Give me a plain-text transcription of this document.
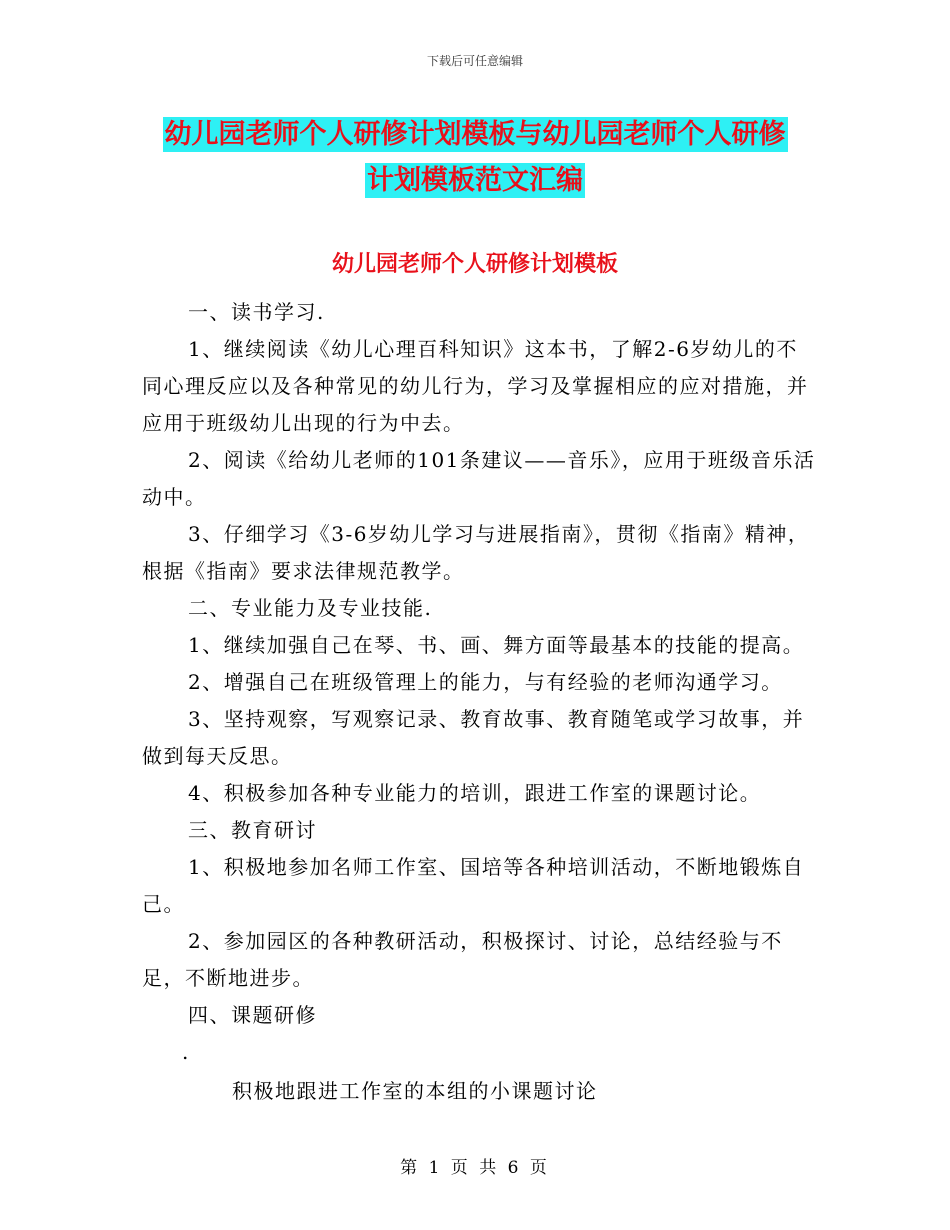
下载后可任意编辑
幼儿园老师个人研修计划模板与幼儿园老师个人研修
计划模板范文汇编
幼儿园老师个人研修计划模板

一、读书学习.

1、继续阅读《幼儿心理百科知识》这本书，了解2-6岁幼儿的不同心理反应以及各种常见的幼儿行为，学习及掌握相应的应对措施，并应用于班级幼儿出现的行为中去。

2、阅读《给幼儿老师的101条建议——音乐》，应用于班级音乐活动中。

3、仔细学习《3-6岁幼儿学习与进展指南》，贯彻《指南》精神，根据《指南》要求法律规范教学。

二、专业能力及专业技能.

1、继续加强自己在琴、书、画、舞方面等最基本的技能的提高。

2、增强自己在班级管理上的能力，与有经验的老师沟通学习。

3、坚持观察，写观察记录、教育故事、教育随笔或学习故事，并做到每天反思。

4、积极参加各种专业能力的培训，跟进工作室的课题讨论。

三、教育研讨

1、积极地参加名师工作室、国培等各种培训活动，不断地锻炼自己。

2、参加园区的各种教研活动，积极探讨、讨论，总结经验与不足，不断地进步。

四、课题研修

.

积极地跟进工作室的本组的小课题讨论

第 1 页 共 6 页
